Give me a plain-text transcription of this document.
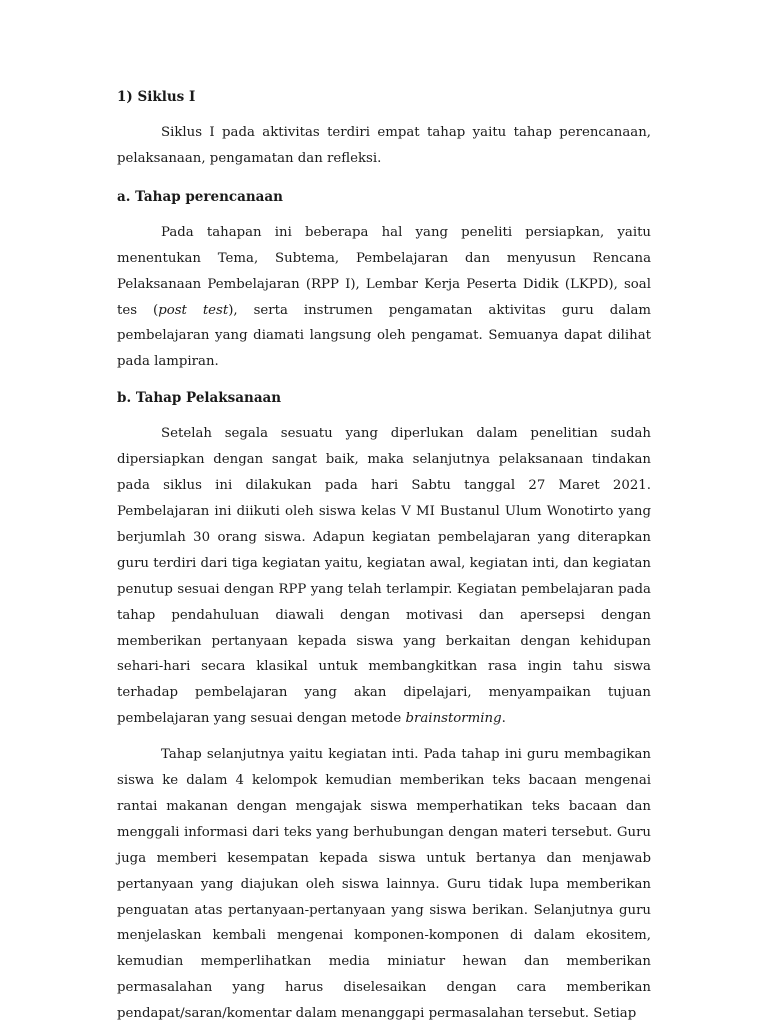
1) Siklus I

Siklus I pada aktivitas terdiri empat tahap yaitu tahap perencanaan, pelaksanaan, pengamatan dan refleksi.

a. Tahap perencanaan

Pada tahapan ini beberapa hal yang peneliti persiapkan, yaitu menentukan Tema, Subtema, Pembelajaran dan menyusun Rencana Pelaksanaan Pembelajaran (RPP I), Lembar Kerja Peserta Didik (LKPD), soal tes (post test), serta instrumen pengamatan aktivitas guru dalam pembelajaran yang diamati langsung oleh pengamat. Semuanya dapat dilihat pada lampiran.

b. Tahap Pelaksanaan

Setelah segala sesuatu yang diperlukan dalam penelitian sudah dipersiapkan dengan sangat baik, maka selanjutnya pelaksanaan tindakan pada siklus ini dilakukan pada hari Sabtu tanggal 27 Maret 2021. Pembelajaran ini diikuti oleh siswa kelas V MI Bustanul Ulum Wonotirto yang berjumlah 30 orang siswa. Adapun kegiatan pembelajaran yang diterapkan guru terdiri dari tiga kegiatan yaitu, kegiatan awal, kegiatan inti, dan kegiatan penutup sesuai dengan RPP yang telah terlampir. Kegiatan pembelajaran pada tahap pendahuluan diawali dengan motivasi dan apersepsi dengan memberikan pertanyaan kepada siswa yang berkaitan dengan kehidupan sehari-hari secara klasikal untuk membangkitkan rasa ingin tahu siswa terhadap pembelajaran yang akan dipelajari, menyampaikan tujuan pembelajaran yang sesuai dengan metode brainstorming.

Tahap selanjutnya yaitu kegiatan inti. Pada tahap ini guru membagikan siswa ke dalam 4 kelompok kemudian memberikan teks bacaan mengenai rantai makanan dengan mengajak siswa memperhatikan teks bacaan dan menggali informasi dari teks yang berhubungan dengan materi tersebut. Guru juga memberi kesempatan kepada siswa untuk bertanya dan menjawab pertanyaan yang diajukan oleh siswa lainnya. Guru tidak lupa memberikan penguatan atas pertanyaan-pertanyaan yang siswa berikan. Selanjutnya guru menjelaskan kembali mengenai komponen-komponen di dalam ekositem, kemudian memperlihatkan media miniatur hewan dan memberikan permasalahan yang harus diselesaikan dengan cara memberikan pendapat/saran/komentar dalam menanggapi permasalahan tersebut. Setiap
